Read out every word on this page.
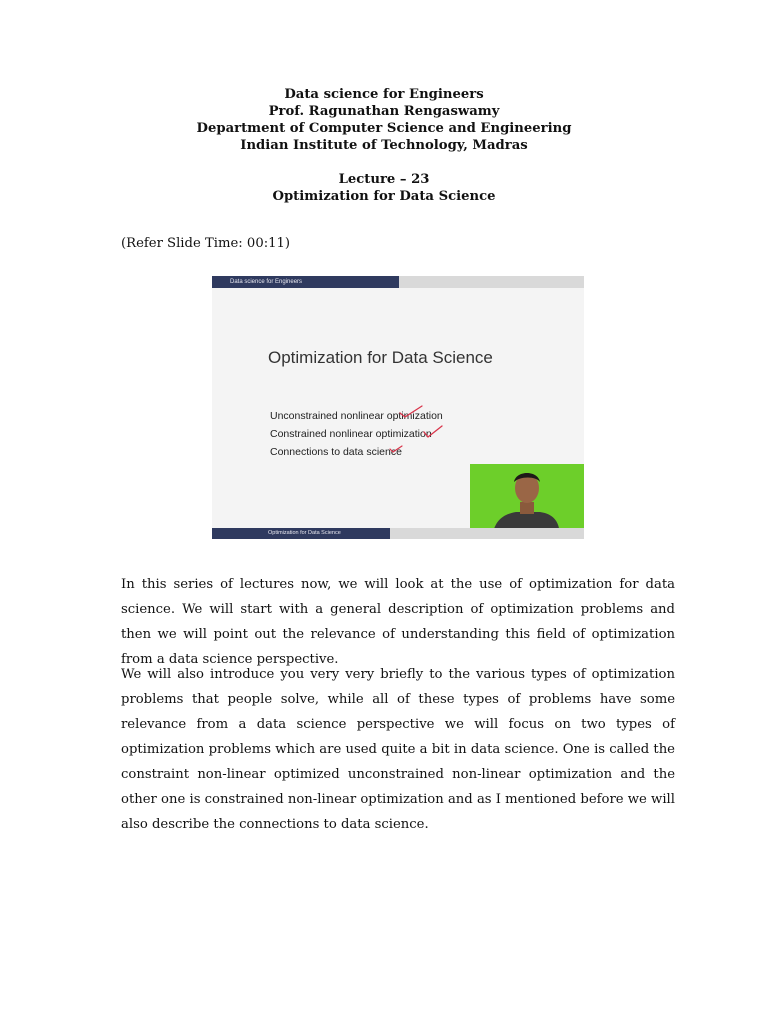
Data science for Engineers
Prof. Ragunathan Rengaswamy
Department of Computer Science and Engineering
Indian Institute of Technology, Madras
Lecture – 23
Optimization for Data Science
(Refer Slide Time: 00:11)
Data science for Engineers
Optimization for Data Science
Unconstrained nonlinear optimization
Constrained nonlinear optimization
Connections to data science
Optimization for Data Science

In this series of lectures now, we will look at the use of optimization for data science. We will start with a general description of optimization problems and then we will point out the relevance of understanding this field of optimization from a data science perspective.

We will also introduce you very very briefly to the various types of optimization problems that people solve, while all of these types of problems have some relevance from a data science perspective we will focus on two types of optimization problems which are used quite a bit in data science. One is called the constraint non-linear optimized unconstrained non-linear optimization and the other one is constrained non-linear optimization and as I mentioned before we will also describe the connections to data science.
